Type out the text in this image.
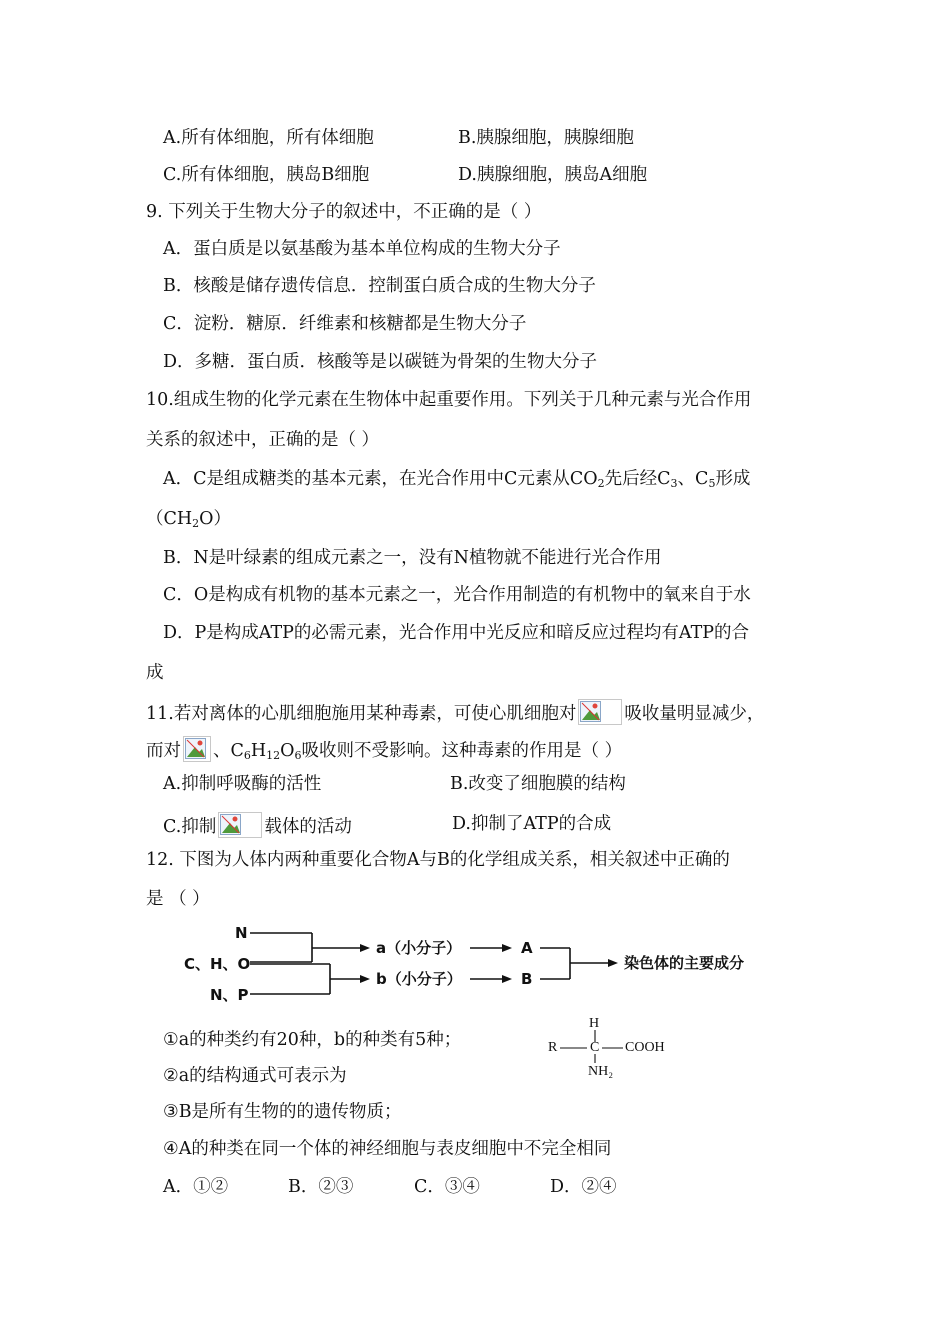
A.所有体细胞，所有体细胞	B.胰腺细胞，胰腺细胞
C.所有体细胞，胰岛B细胞	D.胰腺细胞，胰岛A细胞
9. 下列关于生物大分子的叙述中，不正确的是（ ）
A．蛋白质是以氨基酸为基本单位构成的生物大分子
B．核酸是储存遗传信息．控制蛋白质合成的生物大分子
C．淀粉．糖原．纤维素和核糖都是生物大分子
D．多糖．蛋白质．核酸等是以碳链为骨架的生物大分子
10.组成生物的化学元素在生物体中起重要作用。下列关于几种元素与光合作用
关系的叙述中，正确的是（ ）
A．C是组成糖类的基本元素，在光合作用中C元素从$CO_2$先后经$C_3$、$C_5$形成
$(CH_2O)$
B．N是叶绿素的组成元素之一，没有N植物就不能进行光合作用
C．O是构成有机物的基本元素之一，光合作用制造的有机物中的氧来自于水
D．P是构成ATP的必需元素，光合作用中光反应和暗反应过程均有ATP的合
成
11.若对离体的心肌细胞施用某种毒素，可使心肌细胞对	吸收量明显减少，
而对 、$C_6H_{12}O_6$吸收则不受影响。这种毒素的作用是（ ）
A.抑制呼吸酶的活性	B.改变了细胞膜的结构
C.抑制	载体的活动	D.抑制了ATP的合成
12. 下图为人体内两种重要化合物A与B的化学组成关系，相关叙述中正确的
是 （ ）
N
C、H、O
N、P
a（小分子）
b（小分子）
A
B
染色体的主要成分
①a的种类约有20种，b的种类有5种；
②a的结构通式可表示为
③B是所有生物的的遗传物质；
④A的种类在同一个体的神经细胞与表皮细胞中不完全相同
H
R C COOH
NH₂
A．①②	B．②③	C．③④	D．②④
